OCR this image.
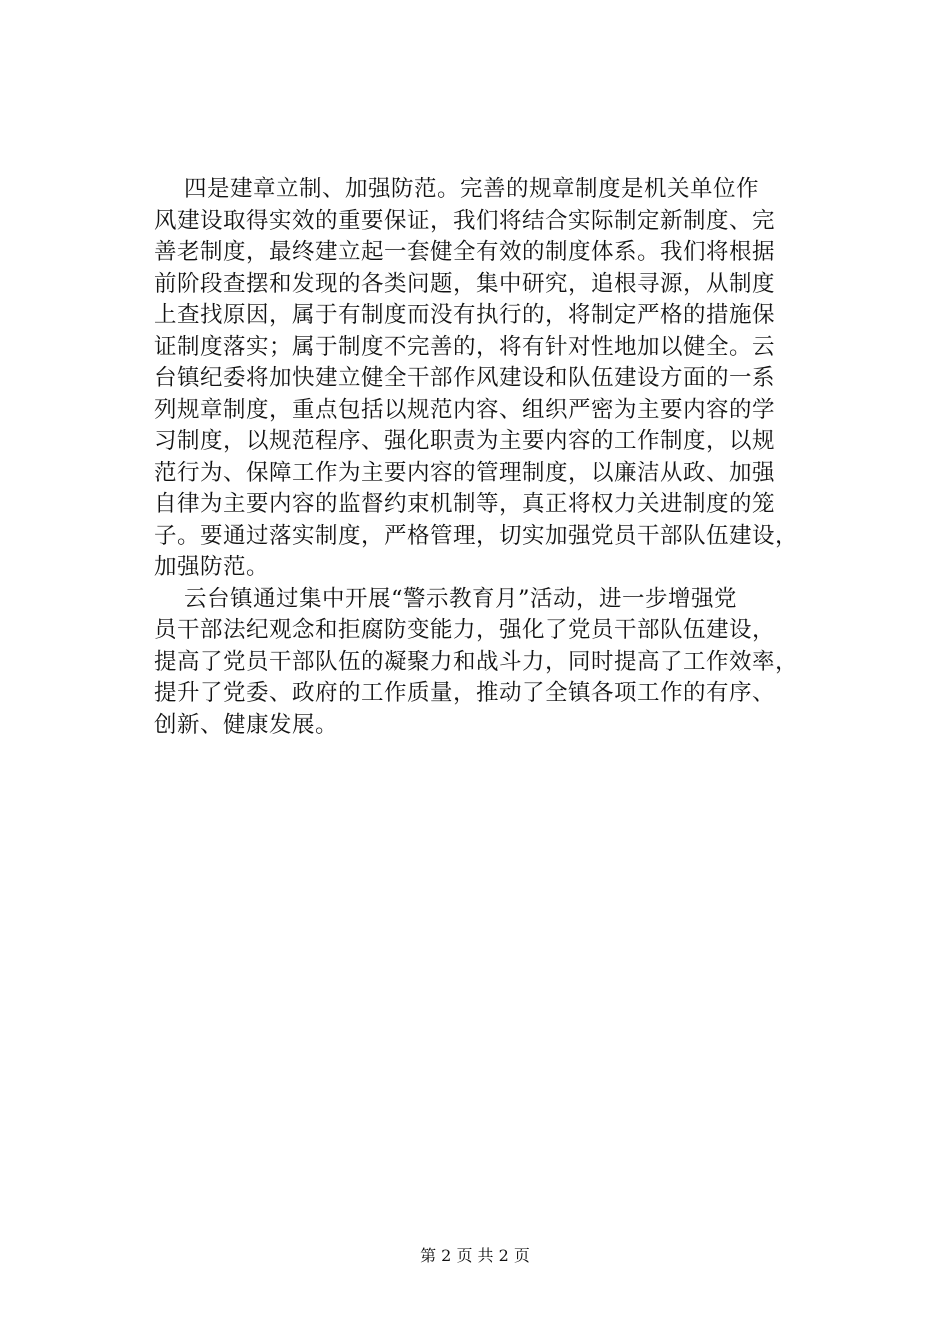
四是建章立制、加强防范。完善的规章制度是机关单位作
风建设取得实效的重要保证，我们将结合实际制定新制度、完
善老制度，最终建立起一套健全有效的制度体系。我们将根据
前阶段查摆和发现的各类问题，集中研究，追根寻源，从制度
上查找原因，属于有制度而没有执行的，将制定严格的措施保
证制度落实；属于制度不完善的，将有针对性地加以健全。云
台镇纪委将加快建立健全干部作风建设和队伍建设方面的一系
列规章制度，重点包括以规范内容、组织严密为主要内容的学
习制度，以规范程序、强化职责为主要内容的工作制度，以规
范行为、保障工作为主要内容的管理制度，以廉洁从政、加强
自律为主要内容的监督约束机制等，真正将权力关进制度的笼
子。要通过落实制度，严格管理，切实加强党员干部队伍建设，
加强防范。
云台镇通过集中开展“警示教育月”活动，进一步增强党
员干部法纪观念和拒腐防变能力，强化了党员干部队伍建设，
提高了党员干部队伍的凝聚力和战斗力，同时提高了工作效率，
提升了党委、政府的工作质量，推动了全镇各项工作的有序、
创新、健康发展。
第 2 页 共 2 页
